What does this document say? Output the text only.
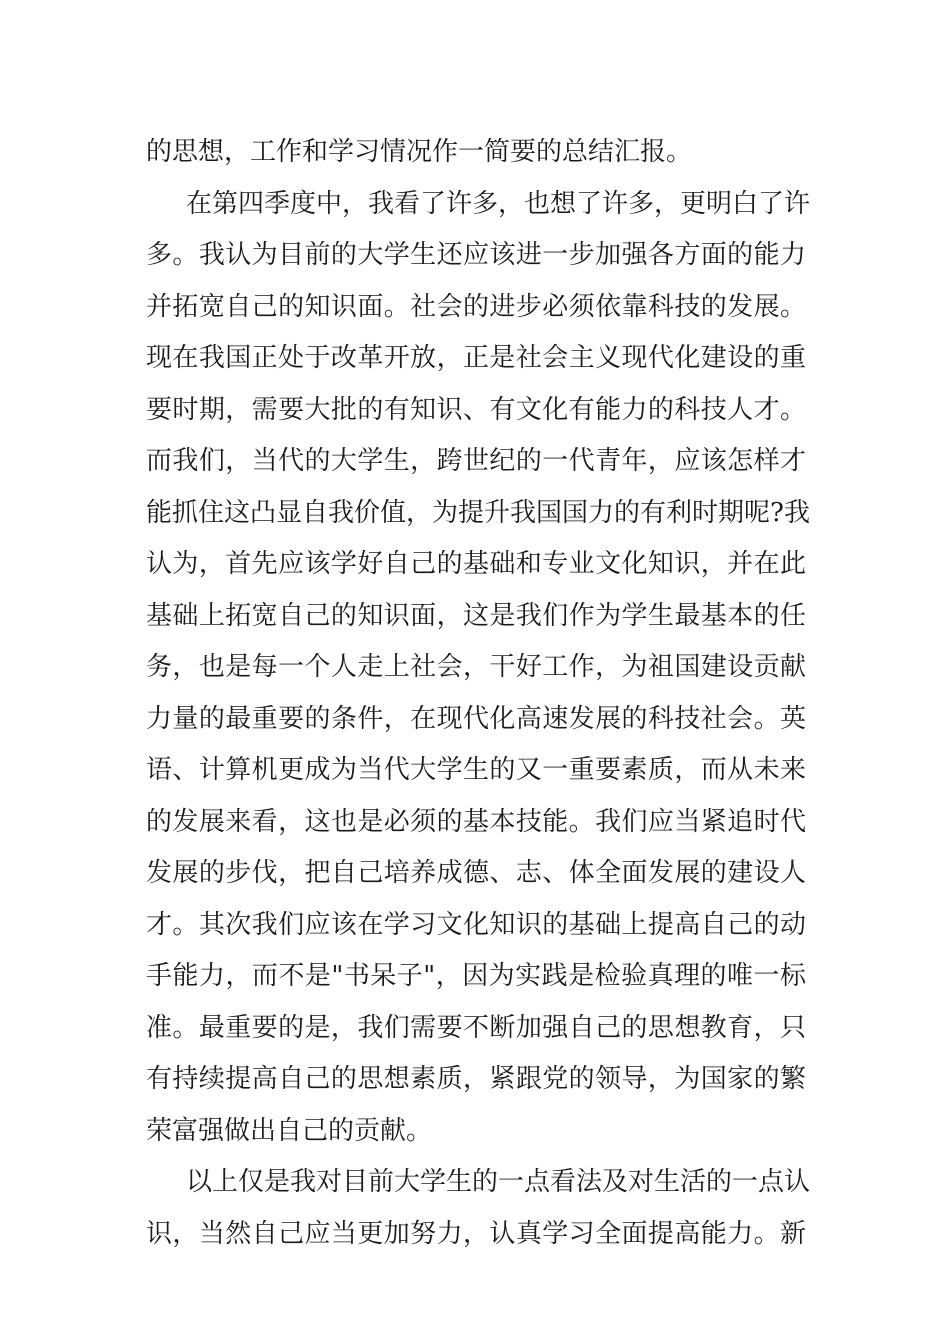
的思想，工作和学习情况作一简要的总结汇报。
在第四季度中，我看了许多，也想了许多，更明白了许
多。我认为目前的大学生还应该进一步加强各方面的能力
并拓宽自己的知识面。社会的进步必须依靠科技的发展。
现在我国正处于改革开放，正是社会主义现代化建设的重
要时期，需要大批的有知识、有文化有能力的科技人才。
而我们，当代的大学生，跨世纪的一代青年，应该怎样才
能抓住这凸显自我价值，为提升我国国力的有利时期呢?我
认为，首先应该学好自己的基础和专业文化知识，并在此
基础上拓宽自己的知识面，这是我们作为学生最基本的任
务，也是每一个人走上社会，干好工作，为祖国建设贡献
力量的最重要的条件，在现代化高速发展的科技社会。英
语、计算机更成为当代大学生的又一重要素质，而从未来
的发展来看，这也是必须的基本技能。我们应当紧追时代
发展的步伐，把自己培养成德、志、体全面发展的建设人
才。其次我们应该在学习文化知识的基础上提高自己的动
手能力，而不是"书呆子"，因为实践是检验真理的唯一标
准。最重要的是，我们需要不断加强自己的思想教育，只
有持续提高自己的思想素质，紧跟党的领导，为国家的繁
荣富强做出自己的贡献。
以上仅是我对目前大学生的一点看法及对生活的一点认
识，当然自己应当更加努力，认真学习全面提高能力。新
